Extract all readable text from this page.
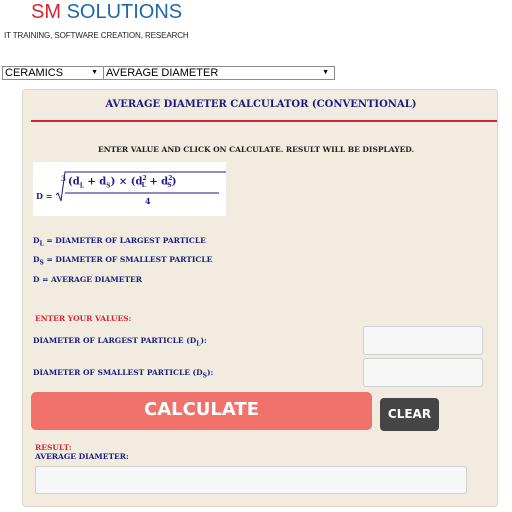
SM SOLUTIONS
IT TRAINING, SOFTWARE CREATION, RESEARCH
CERAMICS	▼ AVERAGE DIAMETER	▼
AVERAGE DIAMETER CALCULATOR (CONVENTIONAL)
ENTER VALUE AND CLICK ON CALCULATE. RESULT WILL BE DISPLAYED.
D =
3 $(d_L + d_S) \times (d^2_L + d^2_S)$
4
$D_L$ = DIAMETER OF LARGEST PARTICLE
$D_S$ = DIAMETER OF SMALLEST PARTICLE
D = AVERAGE DIAMETER
ENTER YOUR VALUES:
DIAMETER OF LARGEST PARTICLE $(D_L)$:
DIAMETER OF SMALLEST PARTICLE $(D_S)$:
CALCULATE	CLEAR
RESULT:
AVERAGE DIAMETER:
